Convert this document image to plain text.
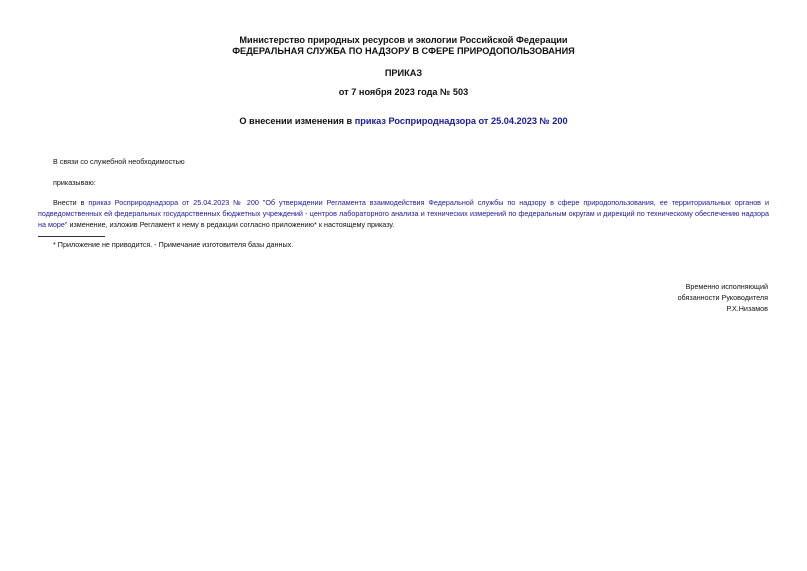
Министерство природных ресурсов и экологии Российской Федерации
ФЕДЕРАЛЬНАЯ СЛУЖБА ПО НАДЗОРУ В СФЕРЕ ПРИРОДОПОЛЬЗОВАНИЯ
ПРИКАЗ
от 7 ноября 2023 года № 503
О внесении изменения в приказ Росприроднадзора от 25.04.2023 № 200
В связи со служебной необходимостью
приказываю:
Внести в приказ Росприроднадзора от 25.04.2023 № 200 "Об утверждении Регламента взаимодействия Федеральной службы по надзору в сфере природопользования, ее территориальных органов и
подведомственных ей федеральных государственных бюджетных учреждений - центров лабораторного анализа и технических измерений по федеральным округам и дирекций по техническому обеспечению надзора
на море" изменение, изложив Регламент к нему в редакции согласно приложению* к настоящему приказу.
* Приложение не приводится. - Примечание изготовителя базы данных.
Временно исполняющий
обязанности Руководителя
Р.Х.Низамов
